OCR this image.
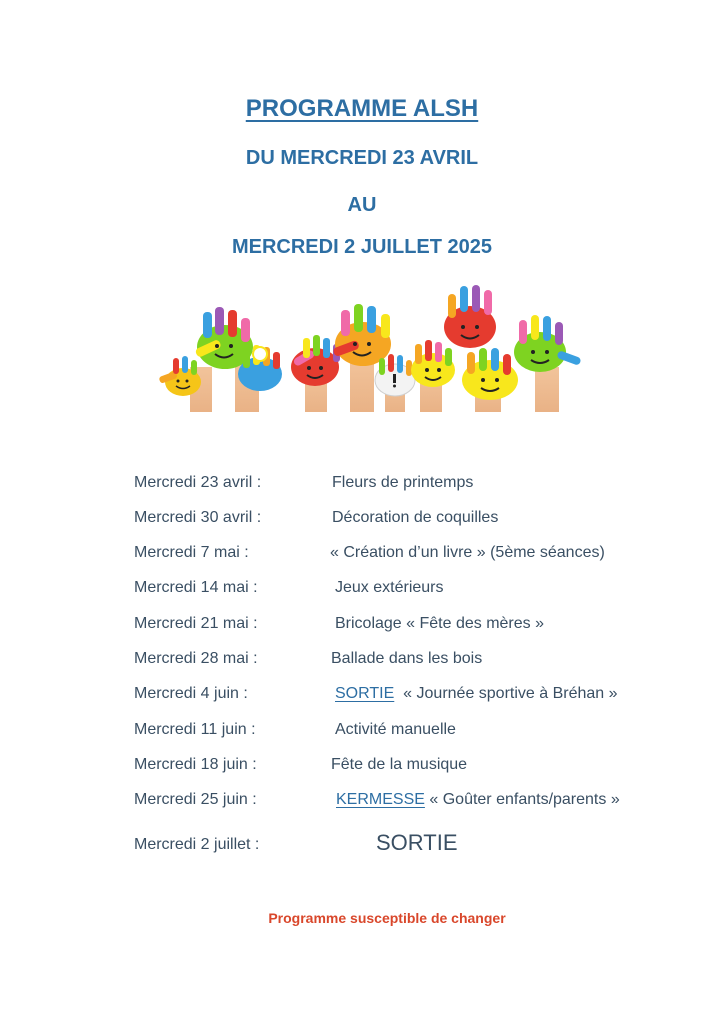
PROGRAMME ALSH
DU MERCREDI 23 AVRIL
AU
MERCREDI 2 JUILLET 2025
Mercredi 23 avril :	Fleurs de printemps
Mercredi 30 avril :	Décoration de coquilles
Mercredi 7 mai :	« Création d’un livre » (5ème séances)
Mercredi 14 mai :	Jeux extérieurs
Mercredi 21 mai :	Bricolage « Fête des mères »
Mercredi 28 mai :	Ballade dans les bois
Mercredi 4 juin :	SORTIE « Journée sportive à Bréhan »
Mercredi 11 juin :	Activité manuelle
Mercredi 18 juin :	Fête de la musique
Mercredi 25 juin :	KERMESSE « Goûter enfants/parents »
Mercredi 2 juillet :	SORTIE
Programme susceptible de changer
